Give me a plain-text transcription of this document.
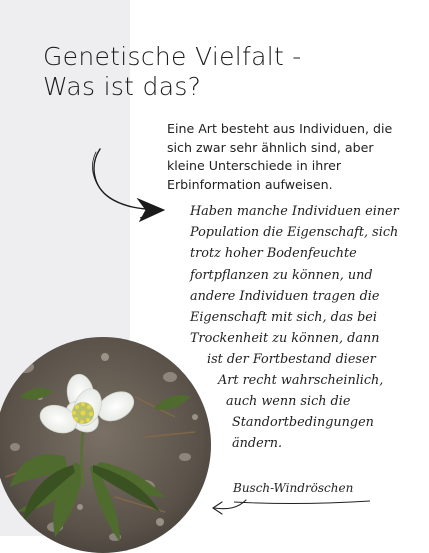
Genetische Vielfalt -
Was ist das?

Eine Art besteht aus Individuen, die
sich zwar sehr ähnlich sind, aber
kleine Unterschiede in ihrer
Erbinformation aufweisen.

Haben manche Individuen einer
Population die Eigenschaft, sich
trotz hoher Bodenfeuchte
fortpflanzen zu können, und
andere Individuen tragen die
Eigenschaft mit sich, das bei
Trockenheit zu können, dann

ist der Fortbestand dieser

Art recht wahrscheinlich,

auch wenn sich die

Standortbedingungen

ändern.

Busch-Windröschen
